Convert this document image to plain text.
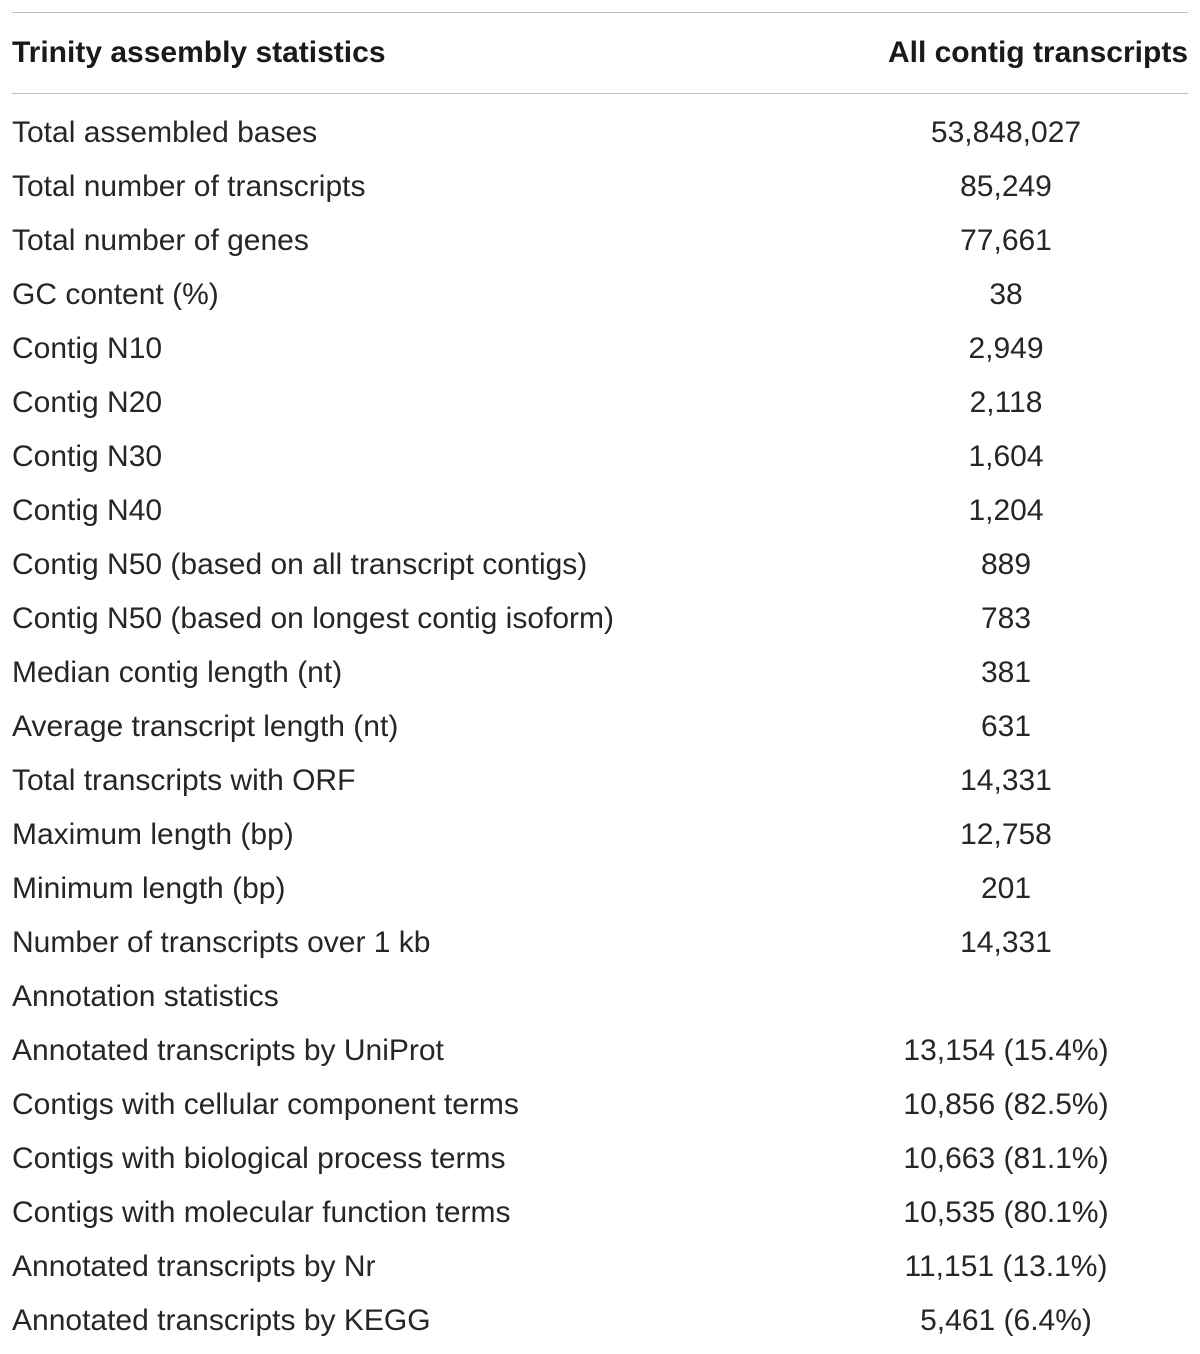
Trinity assembly statistics	All contig transcripts
Total assembled bases	53,848,027
Total number of transcripts	85,249
Total number of genes	77,661
GC content (%)	38
Contig N10	2,949
Contig N20	2,118
Contig N30	1,604
Contig N40	1,204
Contig N50 (based on all transcript contigs)	889
Contig N50 (based on longest contig isoform)	783
Median contig length (nt)	381
Average transcript length (nt)	631
Total transcripts with ORF	14,331
Maximum length (bp)	12,758
Minimum length (bp)	201
Number of transcripts over 1 kb	14,331
Annotation statistics
Annotated transcripts by UniProt	13,154 (15.4%)
Contigs with cellular component terms	10,856 (82.5%)
Contigs with biological process terms	10,663 (81.1%)
Contigs with molecular function terms	10,535 (80.1%)
Annotated transcripts by Nr	11,151 (13.1%)
Annotated transcripts by KEGG	5,461 (6.4%)
